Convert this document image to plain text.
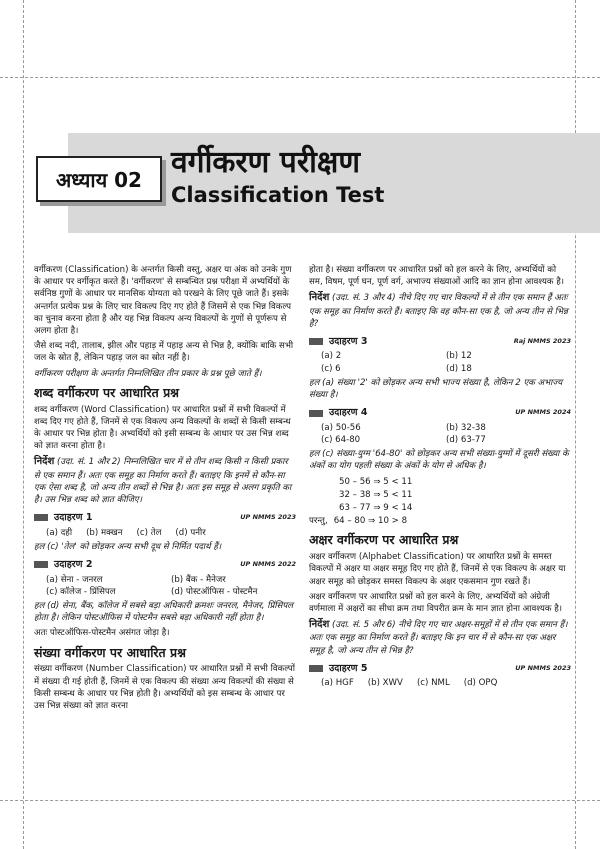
अध्याय 02 वर्गीकरण परीक्षण
Classification Test

वर्गीकरण (Classification) के अन्तर्गत किसी वस्तु, अक्षर या अंक को उनके गुण के आधार पर वर्गीकृत करते हैं। 'वर्गीकरण' से सम्बन्धित प्रश्न परीक्षा में अभ्यर्थियों के सर्वनिष्ठ गुणों के आधार पर मानसिक योग्यता को परखने के लिए पूछे जाते हैं। इसके अन्तर्गत प्रत्येक प्रश्न के लिए चार विकल्प दिए गए होते हैं जिसमें से एक भिन्न विकल्प का चुनाव करना होता है और यह भिन्न विकल्प अन्य विकल्पों के गुणों से पूर्णरूप से अलग होता है।

जैसे शब्द नदी, तालाब, झील और पहाड़ में पहाड़ अन्य से भिन्न है, क्योंकि बाकि सभी जल के स्रोत हैं, लेकिन पहाड़ जल का स्रोत नहीं है।

वर्गीकरण परीक्षण के अन्तर्गत निम्नलिखित तीन प्रकार के प्रश्न पूछे जाते हैं।

शब्द वर्गीकरण पर आधारित प्रश्न

शब्द वर्गीकरण (Word Classification) पर आधारित प्रश्नों में सभी विकल्पों में शब्द दिए गए होते हैं, जिनमें से एक विकल्प अन्य विकल्पों के शब्दों से किसी सम्बन्ध के आधार पर भिन्न होता है। अभ्यर्थियों को इसी सम्बन्ध के आधार पर उस भिन्न शब्द को ज्ञात करना होता है।

निर्देश (उदा. सं. 1 और 2) निम्नलिखित चार में से तीन शब्द किसी न किसी प्रकार से एक समान हैं। अतः एक समूह का निर्माण करते हैं। बताइए कि इनमें से कौन-सा एक ऐसा शब्द है, जो अन्य तीन शब्दों से भिन्न है। अतः इस समूह से अलग प्रकृति का है। उस भिन्न शब्द को ज्ञात कीजिए।

उदाहरण 1	UP NMMS 2023
(a) दही (b) मक्खन (c) तेल (d) पनीर

हल (c) 'तेल' को छोड़कर अन्य सभी दूध से निर्मित पदार्थ हैं।

उदाहरण 2	UP NMMS 2022
(a) सेना - जनरल	(b) बैंक - मैनेजर
(c) कॉलेज - प्रिंसिपल	(d) पोस्टऑफिस - पोस्टमैन

हल (d) सेना, बैंक, कॉलेज में सबसे बड़ा अधिकारी क्रमशः जनरल, मैनेजर, प्रिंसिपल होता है। लेकिन पोस्टऑफिस में पोस्टमैन सबसे बड़ा अधिकारी नहीं होता है।

अतः पोस्टऑफिस-पोस्टमैन असंगत जोड़ा है।

संख्या वर्गीकरण पर आधारित प्रश्न

संख्या वर्गीकरण (Number Classification) पर आधारित प्रश्नों में सभी विकल्पों में संख्या दी गई होती हैं, जिनमें से एक विकल्प की संख्या अन्य विकल्पों की संख्या से किसी सम्बन्ध के आधार पर भिन्न होती है। अभ्यर्थियों को इस सम्बन्ध के आधार पर उस भिन्न संख्या को ज्ञात करना

होता है। संख्या वर्गीकरण पर आधारित प्रश्नों को हल करने के लिए, अभ्यर्थियों को सम, विषम, पूर्ण घन, पूर्ण वर्ग, अभाज्य संख्याओं आदि का ज्ञान होना आवश्यक है।

निर्देश (उदा. सं. 3 और 4) नीचे दिए गए चार विकल्पों में से तीन एक समान हैं अतः एक समूह का निर्माण करते हैं। बताइए कि वह कौन-सा एक है, जो अन्य तीन से भिन्न है?

उदाहरण 3	Raj NMMS 2023
(a) 2	(b) 12
(c) 6	(d) 18

हल (a) संख्या '2' को छोड़कर अन्य सभी भाज्य संख्या है, लेकिन 2 एक अभाज्य संख्या है।

उदाहरण 4	UP NMMS 2024
(a) 50-56	(b) 32-38
(c) 64-80	(d) 63-77

हल (c) संख्या-युग्म '64-80' को छोड़कर अन्य सभी संख्या-युग्मों में दूसरी संख्या के अंकों का योग पहली संख्या के अंकों के योग से अधिक है।

50 – 56 ⇒ 5 < 11
32 – 38 ⇒ 5 < 11
63 – 77 ⇒ 9 < 14
परन्तु, 64 – 80 ⇒ 10 > 8
अक्षर वर्गीकरण पर आधारित प्रश्न

अक्षर वर्गीकरण (Alphabet Classification) पर आधारित प्रश्नों के समस्त विकल्पों में अक्षर या अक्षर समूह दिए गए होते हैं, जिनमें से एक विकल्प के अक्षर या अक्षर समूह को छोड़कर समस्त विकल्प के अक्षर एकसमान गुण रखते हैं।

अक्षर वर्गीकरण पर आधारित प्रश्नों को हल करने के लिए, अभ्यर्थियों को अंग्रेजी वर्णमाला में अक्षरों का सीधा क्रम तथा विपरीत क्रम के मान ज्ञात होना आवश्यक है।

निर्देश (उदा. सं. 5 और 6) नीचे दिए गए चार अक्षर-समूहों में से तीन एक समान हैं। अतः एक समूह का निर्माण करते हैं। बताइए कि इन चार में से कौन-सा एक अक्षर समूह है, जो अन्य तीन से भिन्न है?

उदाहरण 5	UP NMMS 2023
(a) HGF (b) XWV (c) NML (d) OPQ
